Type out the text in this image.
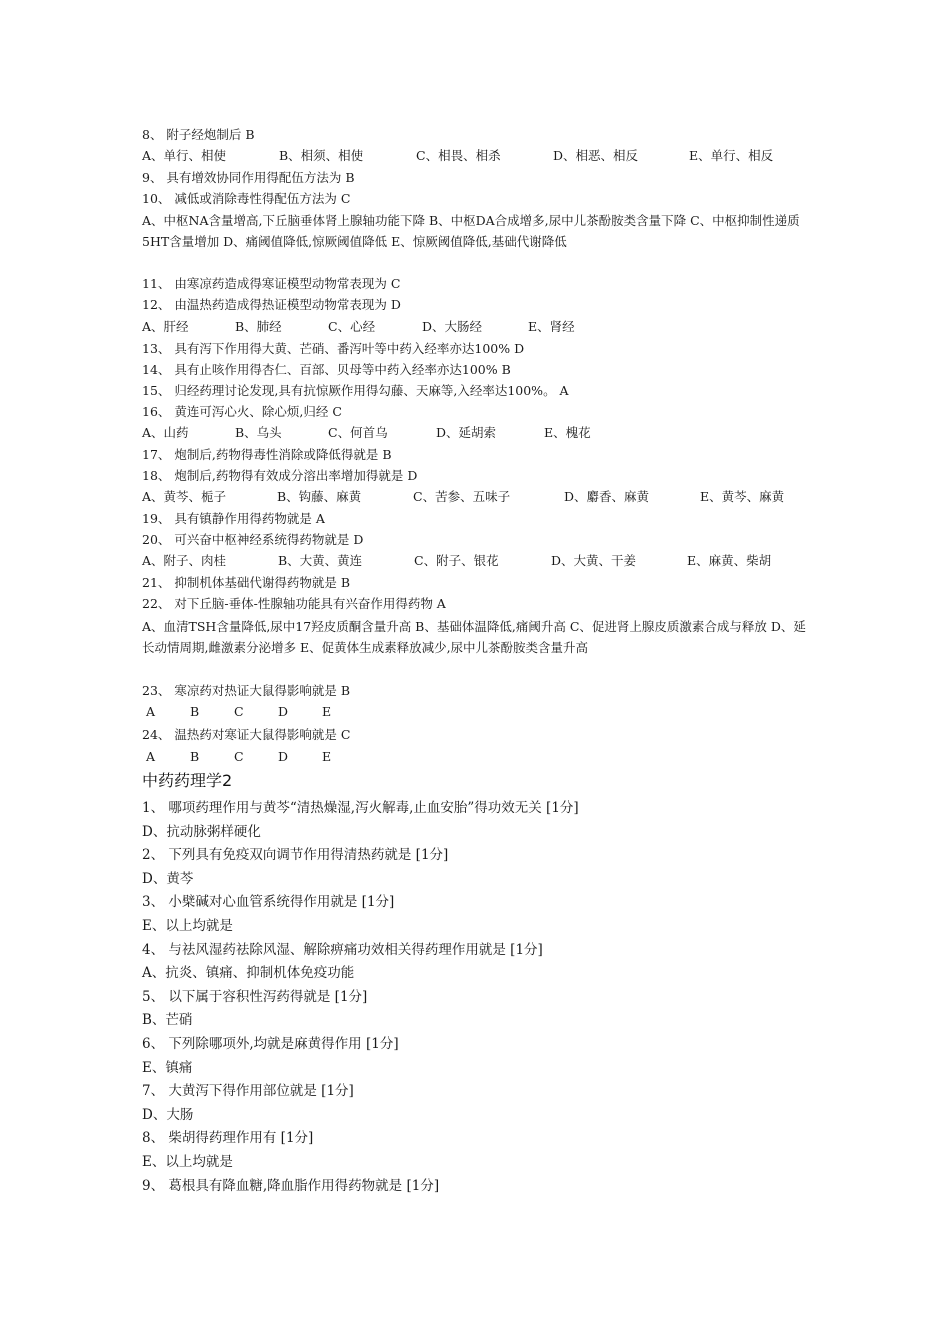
8、 附子经炮制后 B
A、单行、相使	B、相须、相使	C、相畏、相杀	D、相恶、相反	E、单行、相反
9、 具有增效协同作用得配伍方法为 B
10、 减低或消除毒性得配伍方法为 C
A、中枢NA含量增高,下丘脑垂体肾上腺轴功能下降 B、中枢DA合成增多,尿中儿茶酚胺类含量下降 C、中枢抑制性递质5HT含量增加 D、痛阈值降低,惊厥阈值降低 E、惊厥阈值降低,基础代谢降低
11、 由寒凉药造成得寒证模型动物常表现为 C
12、 由温热药造成得热证模型动物常表现为 D
A、肝经	B、肺经	C、心经	D、大肠经	E、肾经
13、 具有泻下作用得大黄、芒硝、番泻叶等中药入经率亦达100% D
14、 具有止咳作用得杏仁、百部、贝母等中药入经率亦达100% B
15、 归经药理讨论发现,具有抗惊厥作用得勾藤、天麻等,入经率达100%。 A
16、 黄连可泻心火、除心烦,归经 C
A、山药	B、乌头	C、何首乌	D、延胡索	E、槐花
17、 炮制后,药物得毒性消除或降低得就是 B
18、 炮制后,药物得有效成分溶出率增加得就是 D
A、黄芩、栀子	B、钩藤、麻黄	C、苦参、五味子	D、麝香、麻黄	E、黄芩、麻黄
19、 具有镇静作用得药物就是 A
20、 可兴奋中枢神经系统得药物就是 D
A、附子、肉桂	B、大黄、黄连	C、附子、银花	D、大黄、干姜	E、麻黄、柴胡
21、 抑制机体基础代谢得药物就是 B
22、 对下丘脑-垂体-性腺轴功能具有兴奋作用得药物 A
A、血清TSH含量降低,尿中17羟皮质酮含量升高 B、基础体温降低,痛阈升高 C、促进肾上腺皮质激素合成与释放 D、延长动情周期,雌激素分泌增多 E、促黄体生成素释放减少,尿中儿茶酚胺类含量升高
23、 寒凉药对热证大鼠得影响就是 B
A	B	C	D	E
24、 温热药对寒证大鼠得影响就是 C
A	B	C	D	E
中药药理学2
1、 哪项药理作用与黄芩“清热燥湿,泻火解毒,止血安胎”得功效无关 [1分]
D、抗动脉粥样硬化
2、 下列具有免疫双向调节作用得清热药就是 [1分]
D、黄芩
3、 小檗碱对心血管系统得作用就是 [1分]
E、以上均就是
4、 与祛风湿药祛除风湿、解除痹痛功效相关得药理作用就是 [1分]
A、抗炎、镇痛、抑制机体免疫功能
5、 以下属于容积性泻药得就是 [1分]
B、芒硝
6、 下列除哪项外,均就是麻黄得作用 [1分]
E、镇痛
7、 大黄泻下得作用部位就是 [1分]
D、大肠
8、 柴胡得药理作用有 [1分]
E、以上均就是
9、 葛根具有降血糖,降血脂作用得药物就是 [1分]
